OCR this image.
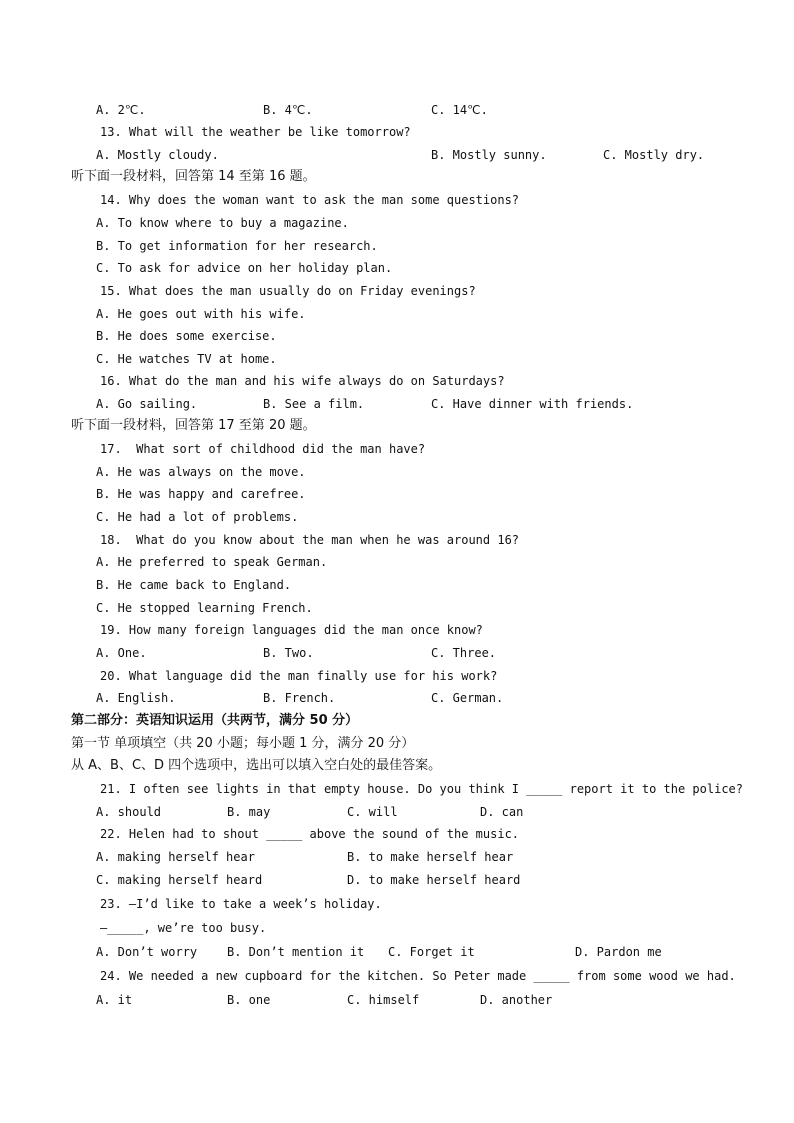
A. 2℃.

	B. 4℃.

	C. 14℃.

13. What will the weather be like tomorrow?

A. Mostly cloudy.

	B. Mostly sunny.

	C. Mostly dry.

听下面一段材料，回答第 14 至第 16 题。

14. Why does the woman want to ask the man some questions?

A. To know where to buy a magazine.

B. To get information for her research.

C. To ask for advice on her holiday plan.

15. What does the man usually do on Friday evenings?

A. He goes out with his wife.

B. He does some exercise.

C. He watches TV at home.

16. What do the man and his wife always do on Saturdays?

A. Go sailing.

	B. See a film.

	C. Have dinner with friends.

听下面一段材料，回答第 17 至第 20 题。

17.  What sort of childhood did the man have?

A. He was always on the move.

B. He was happy and carefree.

C. He had a lot of problems.

18.  What do you know about the man when he was around 16?

A. He preferred to speak German.

B. He came back to England.

C. He stopped learning French.

19. How many foreign languages did the man once know?

A. One.

	B. Two.

	C. Three.

20. What language did the man finally use for his work?

A. English.

	B. French.

	C. German.

第二部分：英语知识运用（共两节，满分 50 分）

第一节 单项填空（共 20 小题；每小题 1 分，满分 20 分）

从 A、B、C、D 四个选项中，选出可以填入空白处的最佳答案。

21. I often see lights in that empty house. Do you think I _____ report it to the police?

A. should

	B. may

	C. will

	D. can

22. Helen had to shout _____ above the sound of the music.

A. making herself hear

	B. to make herself hear

C. making herself heard

	D. to make herself heard

23. —I’d like to take a week’s holiday.

—_____, we’re too busy.

A. Don’t worry

B. Don’t mention it

C. Forget it

	D. Pardon me

24. We needed a new cupboard for the kitchen. So Peter made _____ from some wood we had.

A. it

	B. one

	C. himself

	D. another
